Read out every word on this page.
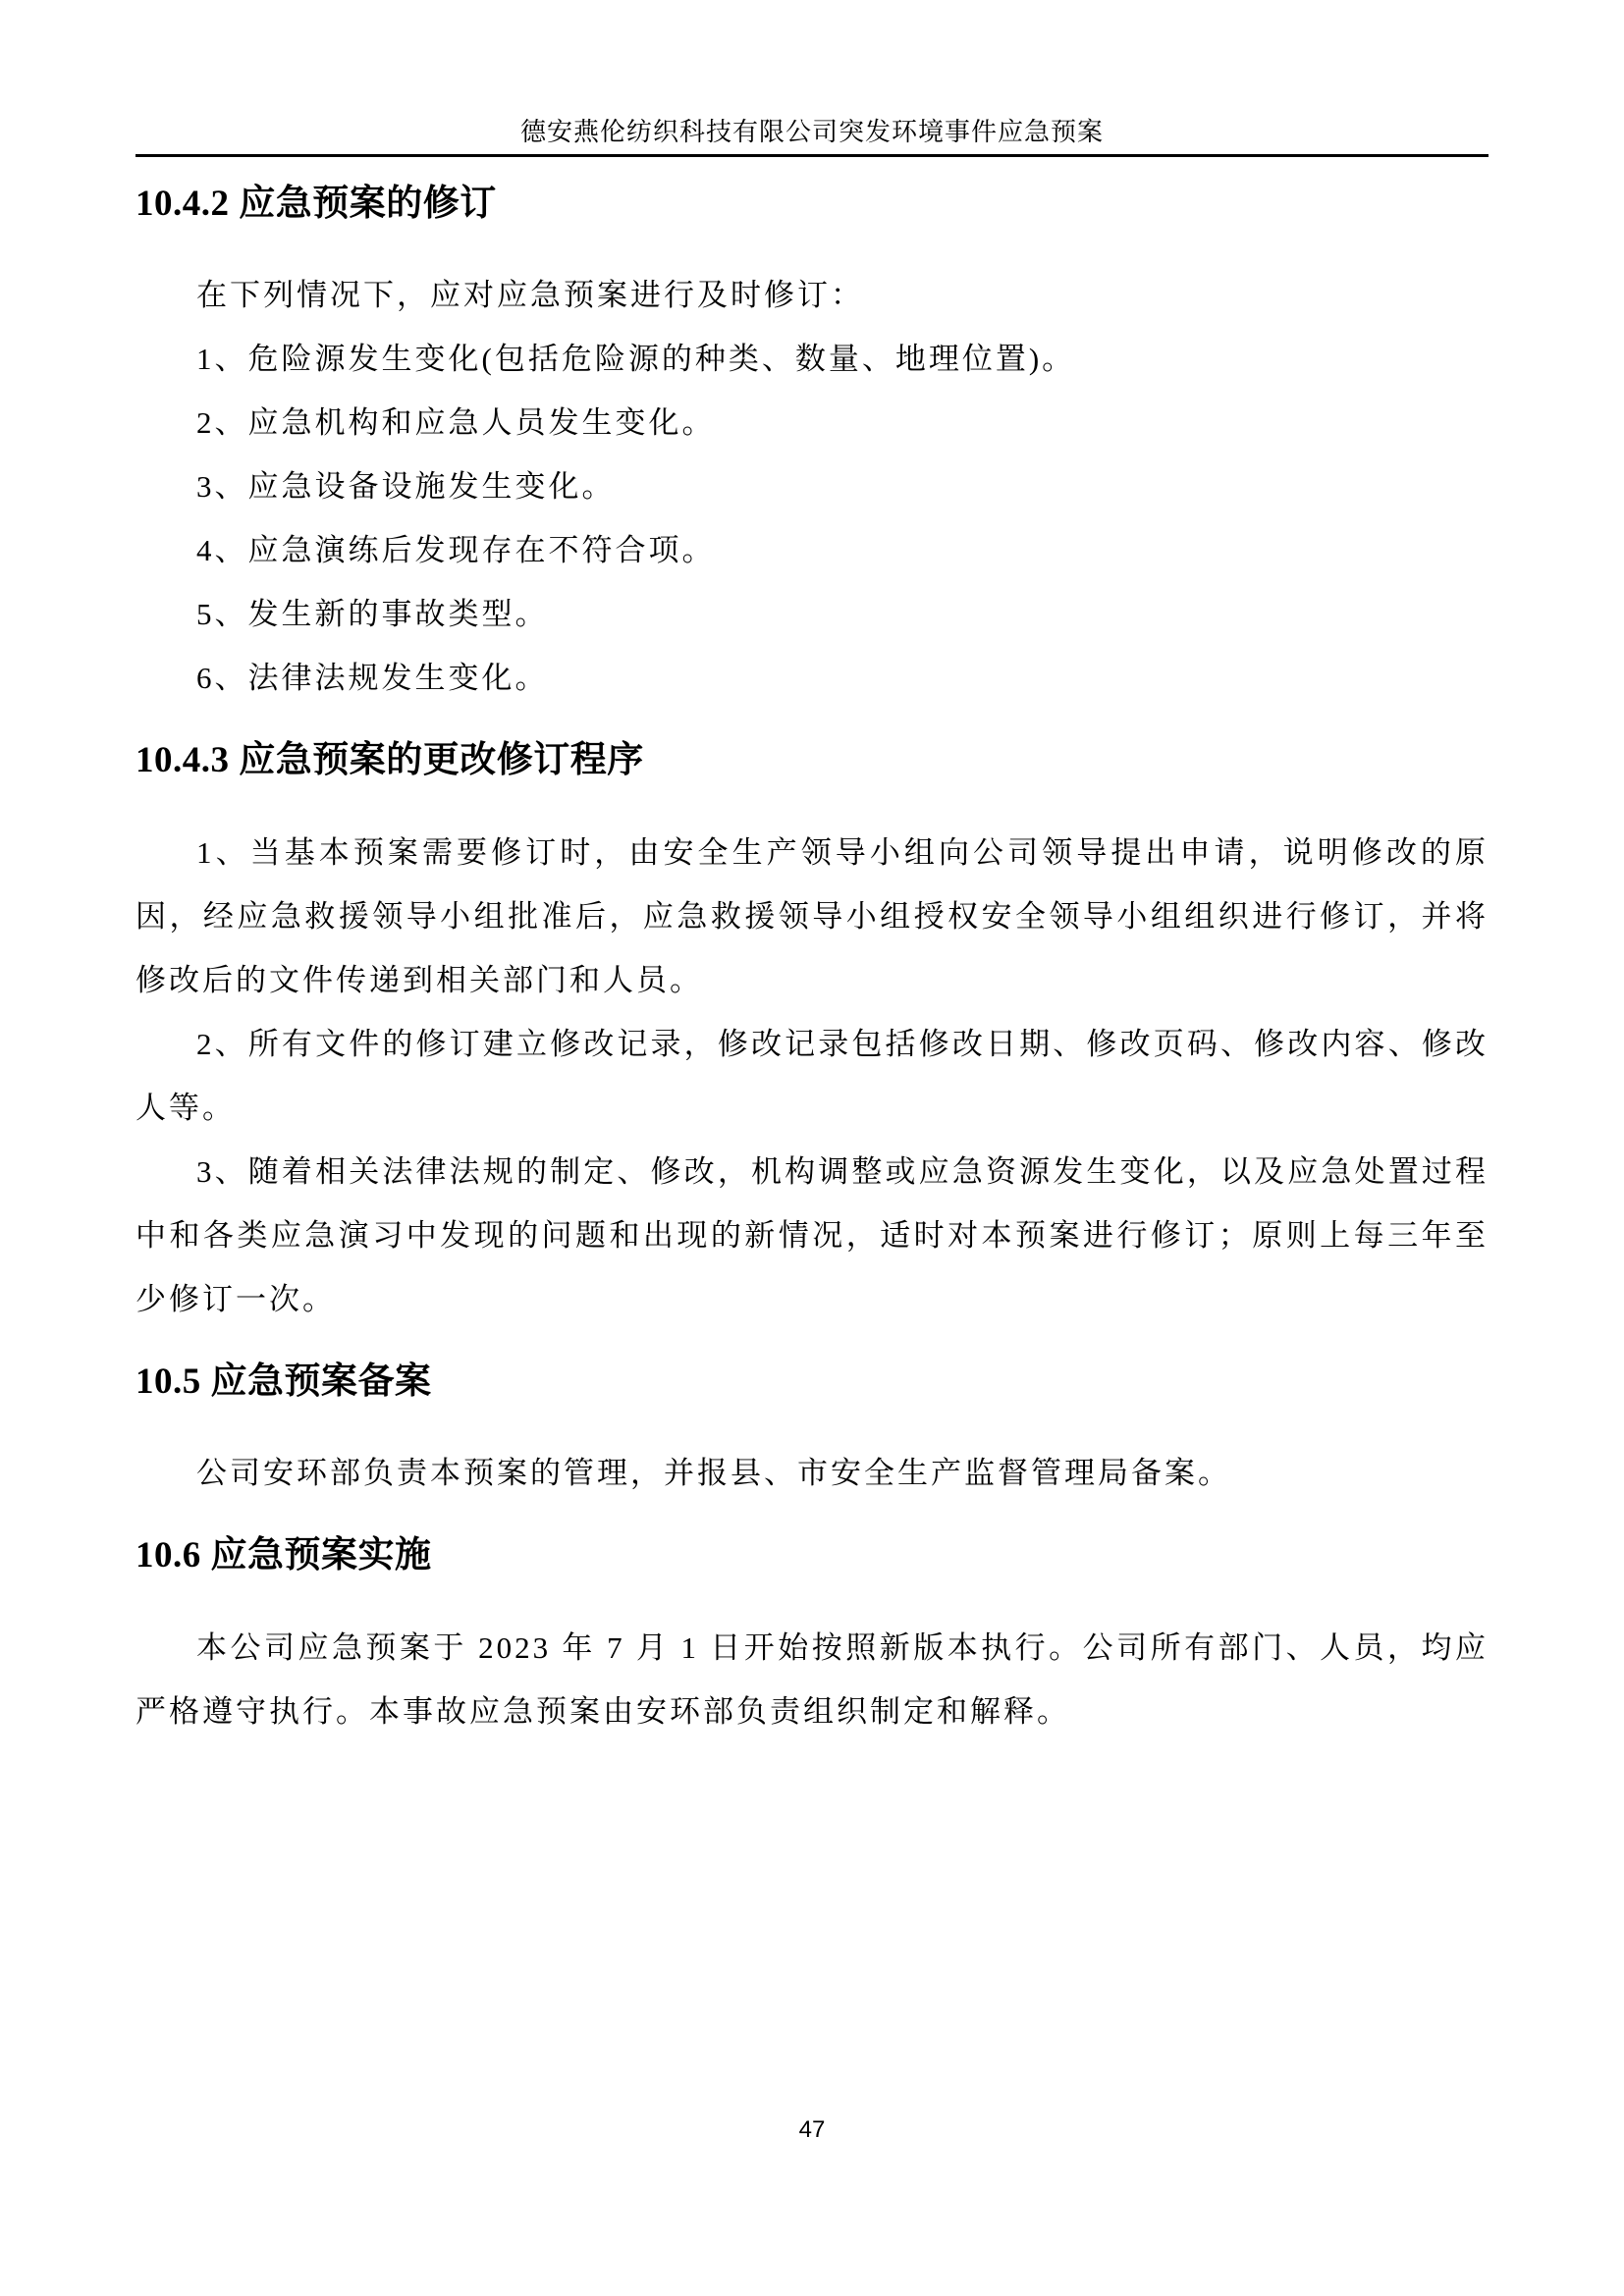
德安燕伦纺织科技有限公司突发环境事件应急预案
10.4.2 应急预案的修订

在下列情况下，应对应急预案进行及时修订：

1、危险源发生变化(包括危险源的种类、数量、地理位置)。

2、应急机构和应急人员发生变化。

3、应急设备设施发生变化。

4、应急演练后发现存在不符合项。

5、发生新的事故类型。

6、法律法规发生变化。

10.4.3 应急预案的更改修订程序

1、当基本预案需要修订时，由安全生产领导小组向公司领导提出申请，说明修改的原因，经应急救援领导小组批准后，应急救援领导小组授权安全领导小组组织进行修订，并将修改后的文件传递到相关部门和人员。

2、所有文件的修订建立修改记录，修改记录包括修改日期、修改页码、修改内容、修改人等。

3、随着相关法律法规的制定、修改，机构调整或应急资源发生变化，以及应急处置过程中和各类应急演习中发现的问题和出现的新情况，适时对本预案进行修订；原则上每三年至少修订一次。

10.5 应急预案备案

公司安环部负责本预案的管理，并报县、市安全生产监督管理局备案。

10.6 应急预案实施

本公司应急预案于 2023 年 7 月 1 日开始按照新版本执行。公司所有部门、人员，均应严格遵守执行。本事故应急预案由安环部负责组织制定和解释。

47
